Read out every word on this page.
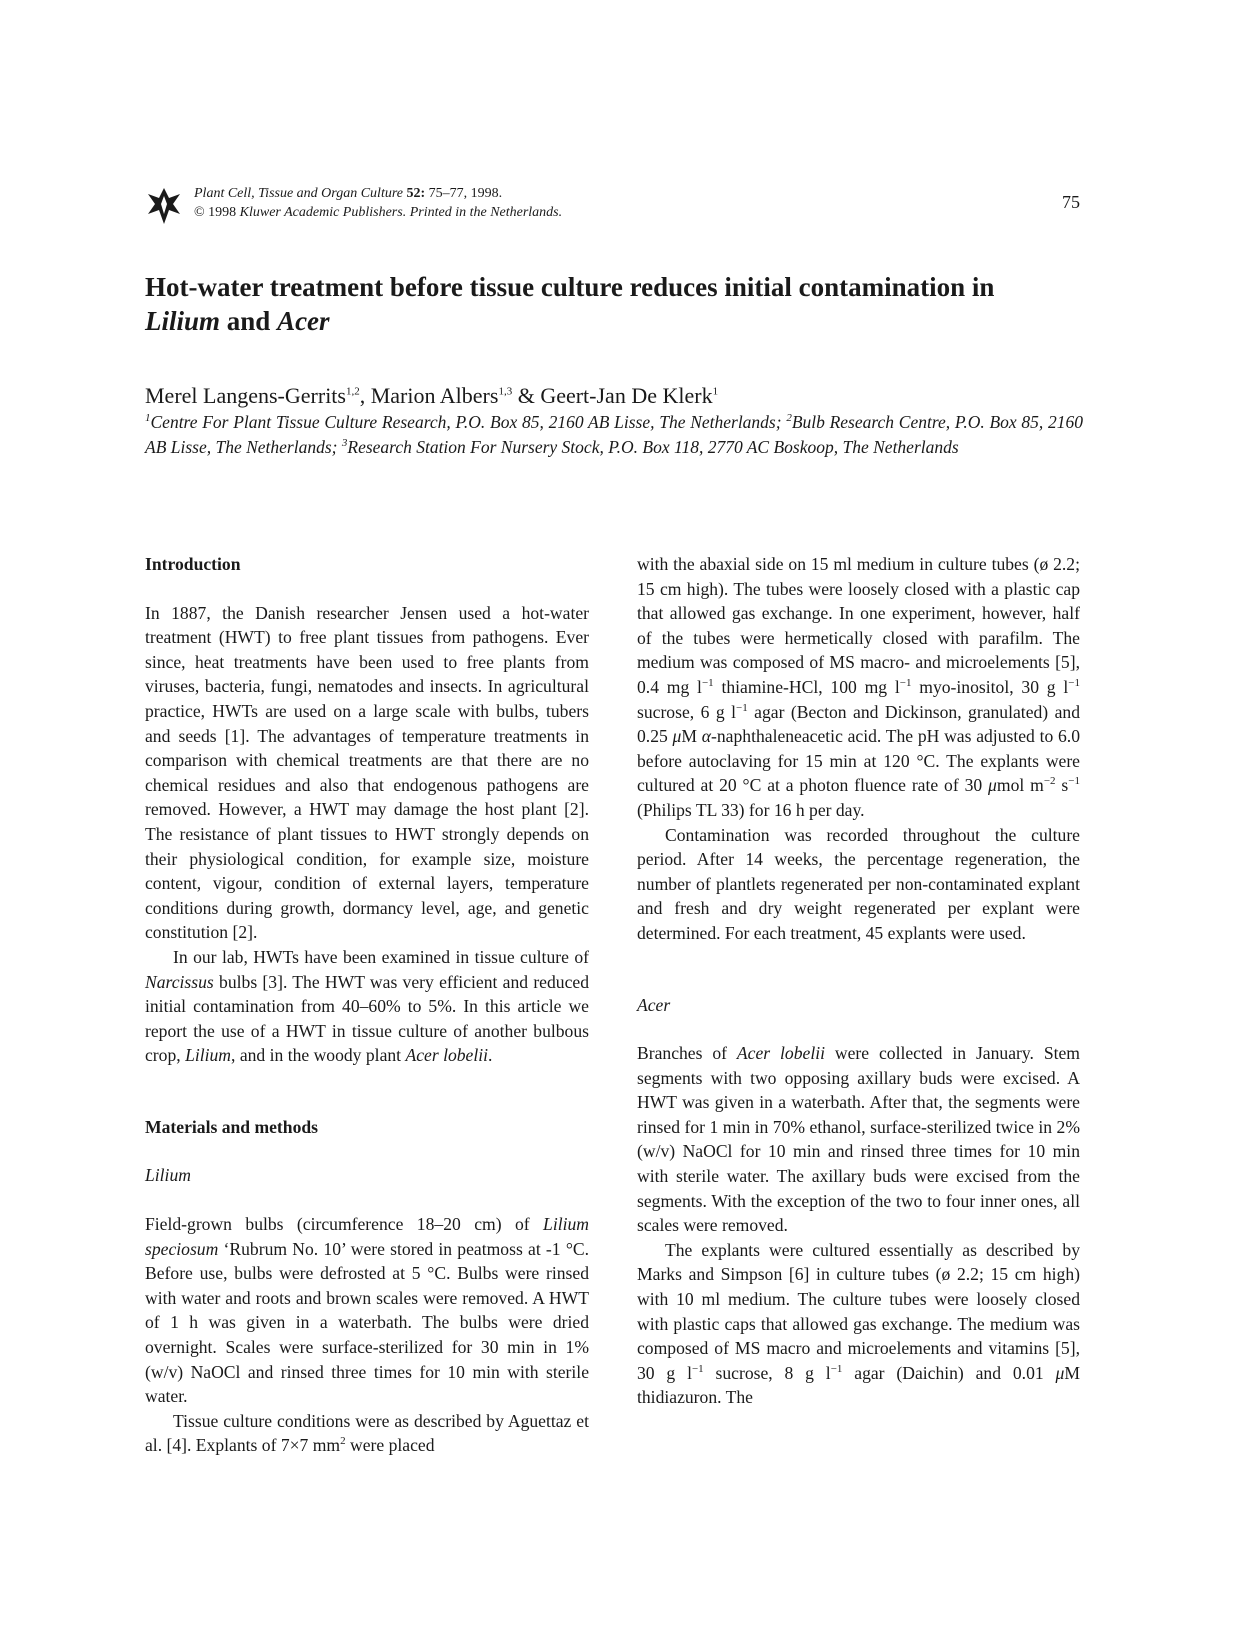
Plant Cell, Tissue and Organ Culture 52: 75–77, 1998.
© 1998 Kluwer Academic Publishers. Printed in the Netherlands.
75
Hot-water treatment before tissue culture reduces initial contamination in
Lilium and Acer
Merel Langens-Gerrits$^{1,2}$, Marion Albers$^{1,3}$ & Geert-Jan De Klerk$^1$
$^1$Centre For Plant Tissue Culture Research, P.O. Box 85, 2160 AB Lisse, The Netherlands; $^2$Bulb Research Centre, P.O. Box 85, 2160 AB Lisse, The Netherlands; $^3$Research Station For Nursery Stock, P.O. Box 118, 2770 AC Boskoop, The Netherlands
Introduction

In 1887, the Danish researcher Jensen used a hot-water treatment (HWT) to free plant tissues from pathogens. Ever since, heat treatments have been used to free plants from viruses, bacteria, fungi, nematodes and insects. In agricultural practice, HWTs are used on a large scale with bulbs, tubers and seeds [1]. The advantages of temperature treatments in comparison with chemical treatments are that there are no chemical residues and also that endogenous pathogens are removed. However, a HWT may damage the host plant [2]. The resistance of plant tissues to HWT strongly depends on their physiological condition, for example size, moisture content, vigour, condition of external layers, temperature conditions during growth, dormancy level, age, and genetic constitution [2].

In our lab, HWTs have been examined in tissue culture of Narcissus bulbs [3]. The HWT was very efficient and reduced initial contamination from 40–60% to 5%. In this article we report the use of a HWT in tissue culture of another bulbous crop, Lilium, and in the woody plant Acer lobelii.

Materials and methods
Lilium

Field-grown bulbs (circumference 18–20 cm) of Lilium speciosum ‘Rubrum No. 10’ were stored in peatmoss at -1 °C. Before use, bulbs were defrosted at 5 °C. Bulbs were rinsed with water and roots and brown scales were removed. A HWT of 1 h was given in a waterbath. The bulbs were dried overnight. Scales were surface-sterilized for 30 min in 1% (w/v) NaOCl and rinsed three times for 10 min with sterile water.

Tissue culture conditions were as described by Aguettaz et al. [4]. Explants of 7×7 $mm^2$ were placed

with the abaxial side on 15 ml medium in culture tubes (ø 2.2; 15 cm high). The tubes were loosely closed with a plastic cap that allowed gas exchange. In one experiment, however, half of the tubes were hermetically closed with parafilm. The medium was composed of MS macro- and microelements [5], 0.4 mg $l^{-1}$ thiamine-HCl, 100 mg $l^{-1}$ myo-inositol, 30 g $l^{-1}$ sucrose, 6 g $l^{-1}$ agar (Becton and Dickinson, granulated) and 0.25 μM α-naphthaleneacetic acid. The pH was adjusted to 6.0 before autoclaving for 15 min at 120 °C. The explants were cultured at 20 °C at a photon fluence rate of 30 μmol $m^{-2}$ $s^{-1}$ (Philips TL 33) for 16 h per day.

Contamination was recorded throughout the culture period. After 14 weeks, the percentage regeneration, the number of plantlets regenerated per non-contaminated explant and fresh and dry weight regenerated per explant were determined. For each treatment, 45 explants were used.

Acer

Branches of Acer lobelii were collected in January. Stem segments with two opposing axillary buds were excised. A HWT was given in a waterbath. After that, the segments were rinsed for 1 min in 70% ethanol, surface-sterilized twice in 2% (w/v) NaOCl for 10 min and rinsed three times for 10 min with sterile water. The axillary buds were excised from the segments. With the exception of the two to four inner ones, all scales were removed.

The explants were cultured essentially as described by Marks and Simpson [6] in culture tubes (ø 2.2; 15 cm high) with 10 ml medium. The culture tubes were loosely closed with plastic caps that allowed gas exchange. The medium was composed of MS macro and microelements and vitamins [5], 30 g $l^{-1}$ sucrose, 8 g $l^{-1}$ agar (Daichin) and 0.01 μM thidiazuron. The
